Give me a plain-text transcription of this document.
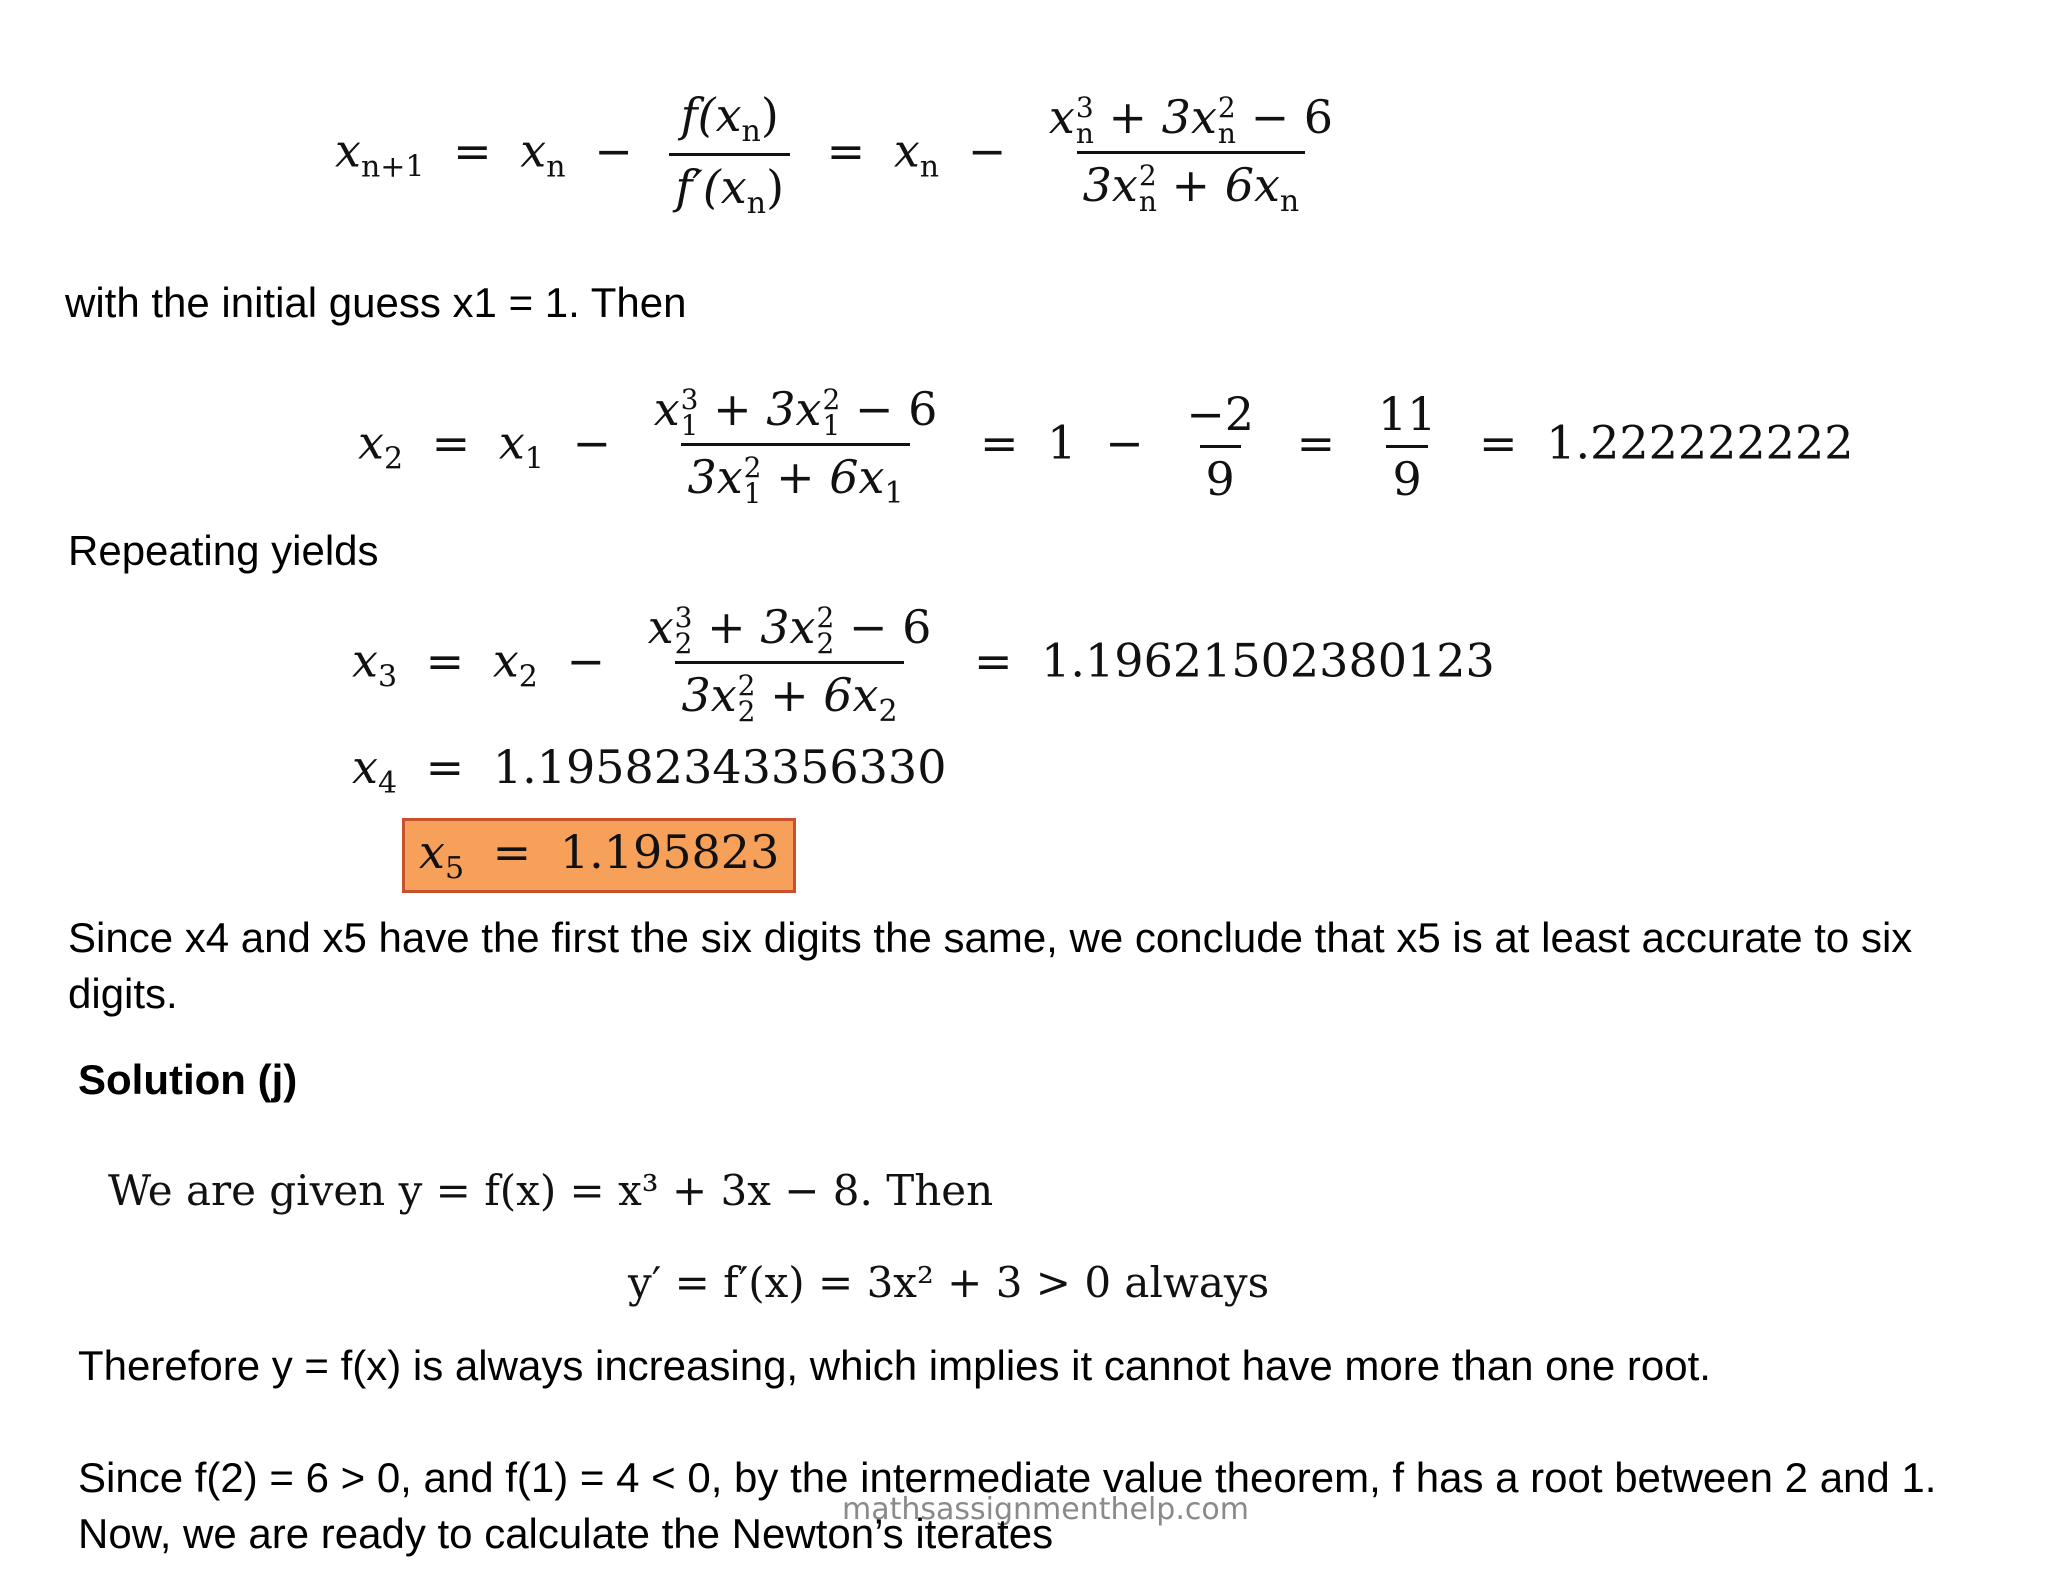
$x_{n+1} = x_n - \frac{f(x_n)}{f'(x_n)} = x_n - x$ 3
n + 3x 2
n − 6
3x 2
$n + 6x_n$
with the initial guess x1 = 1. Then
$x_2 = x_1 - x$ 3
1 + 3x 2
1 − 6
3x 2
$1 + 6x_1 = 1 - \frac{-2}{9} = \frac{11}{9} = 1.222222222$
Repeating yields
$x_3 = x_2 - x$ 3
2 + 3x 2
2 − 6
3x 2
$2 + 6x_2 = 1.19621502380123$
$x_4 = 1.19582343356330$
$x_5 = 1.195823$
Since x4 and x5 have the first the six digits the same, we conclude that x5 is at least accurate to six
digits.
Solution (j)
We are given y = f(x) = x³ + 3x − 8. Then
y′ = f′(x) = 3x² + 3 > 0 always
Therefore y = f(x) is always increasing, which implies it cannot have more than one root.
Since f(2) = 6 > 0, and f(1) = 4 < 0, by the intermediate value theorem, f has a root between 2 and 1.
mathsassignmenthelp.com
Now, we are ready to calculate the Newton’s iterates
